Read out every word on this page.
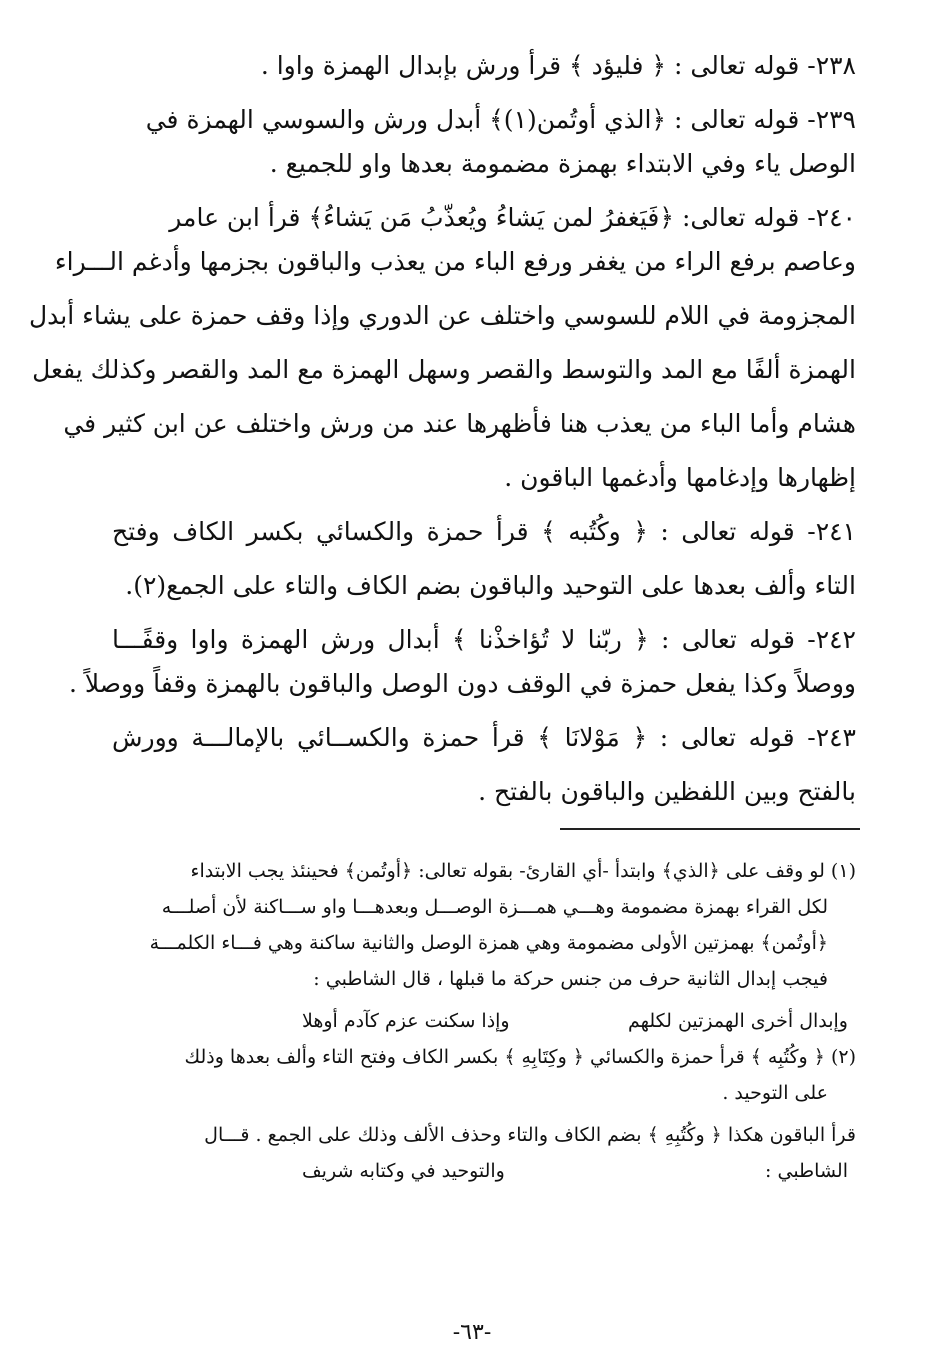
٢٣٨- قوله تعالى : ﴿ فليؤد ﴾ قرأ ورش بإبدال الهمزة واوا .
٢٣٩- قوله تعالى : ﴿الذي أوتُمن(١)﴾ أبدل ورش والسوسي الهمزة في
الوصل ياء وفي الابتداء بهمزة مضمومة بعدها واو للجميع .
٢٤٠- قوله تعالى: ﴿فَيَغفرُ لمن يَشاءُ ويُعذّبُ مَن يَشاءُ﴾ قرأ ابن عامر
وعاصم برفع الراء من يغفر ورفع الباء من يعذب والباقون بجزمها وأدغم الـــراء
المجزومة في اللام للسوسي واختلف عن الدوري وإذا وقف حمزة على يشاء أبدل
الهمزة ألفًا مع المد والتوسط والقصر وسهل الهمزة مع المد والقصر وكذلك يفعل
هشام وأما الباء من يعذب هنا فأظهرها عند من ورش واختلف عن ابن كثير في
إظهارها وإدغامها وأدغمها الباقون .
٢٤١- قوله تعالى : ﴿ وكُتُبه ﴾ قرأ حمزة والكسائي بكسر الكاف وفتح
التاء وألف بعدها على التوحيد والباقون بضم الكاف والتاء على الجمع(٢).
٢٤٢- قوله تعالى : ﴿ ربّنا لا تُؤاخذْنا ﴾ أبدال ورش الهمزة واوا وقفًـــا
ووصلاً وكذا يفعل حمزة في الوقف دون الوصل والباقون بالهمزة وقفاً ووصلاً .
٢٤٣- قوله تعالى : ﴿ مَوْلانَا ﴾ قرأ حمزة والكســائي بالإمالـــة وورش
بالفتح وبين اللفظين والباقون بالفتح .
(١) لو وقف على ﴿الذي﴾ وابتدأ -أي القارئ- بقوله تعالى: ﴿أوتُمن﴾ فحينئذ يجب الابتداء
لكل القراء بهمزة مضمومة وهـــي همـــزة الوصـــل وبعدهـــا واو ســـاكنة لأن أصلـــه
﴿أوتُمن﴾ بهمزتين الأولى مضمومة وهي همزة الوصل والثانية ساكنة وهي فـــاء الكلمـــة
فيجب إبدال الثانية حرف من جنس حركة ما قبلها ، قال الشاطبي :
وإبدال أخرى الهمزتين لكلهم
وإذا سكنت عزم كآدم أوهلا
(٢) ﴿ وكُتُبِه ﴾ قرأ حمزة والكسائي ﴿ وكِتَابِهِ ﴾ بكسر الكاف وفتح التاء وألف بعدها وذلك
على التوحيد .
قرأ الباقون هكذا ﴿ وكُتُبِهِ ﴾ بضم الكاف والتاء وحذف الألف وذلك على الجمع . قـــال
الشاطبي :
والتوحيد في وكتابه شريف
-٦٣-
